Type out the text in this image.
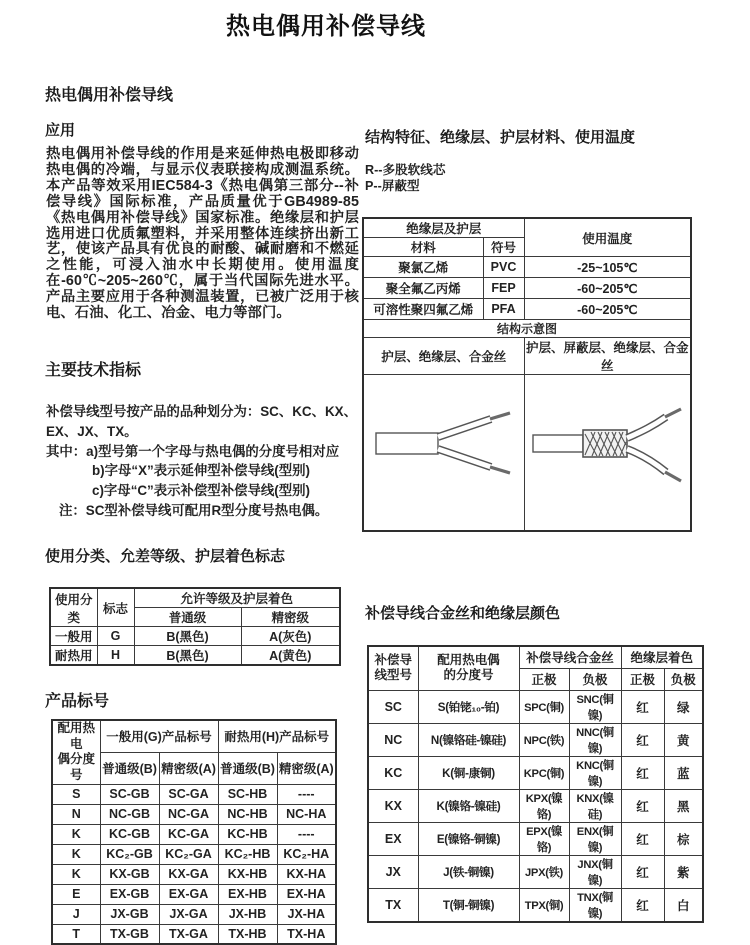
热电偶用补偿导线
热电偶用补偿导线
应用
热电偶用补偿导线的作用是来延伸热电极即移动热电偶的冷端，与显示仪表联接构成测温系统。本产品等效采用IEC584-3《热电偶第三部分--补偿导线》国际标准，产品质量优于GB4989-85《热电偶用补偿导线》国家标准。绝缘层和护层选用进口优质氟塑料，并采用整体连续挤出新工艺，使该产品具有优良的耐酸、碱耐磨和不燃延之性能，可浸入油水中长期使用。使用温度在-60℃~205~260℃，属于当代国际先进水平。产品主要应用于各种测温装置，已被广泛用于核电、石油、化工、冶金、电力等部门。
主要技术指标
补偿导线型号按产品的品种划分为：SC、KC、KX、EX、JX、TX。
其中：a)型号第一个字母与热电偶的分度号相对应
b)字母“X”表示延伸型补偿导线(型别)
c)字母“C”表示补偿型补偿导线(型别)
注：SC型补偿导线可配用R型分度号热电偶。
使用分类、允差等级、护层着色标志
使用分类	标志	允许等级及护层着色	
		普通级	精密级
一般用	G	B(黑色)	A(灰色)
耐热用	H	B(黑色)	A(黄色)
产品标号
配用热电
偶分度号	一般用(G)产品标号		耐热用(H)产品标号	
	普通级(B)	精密级(A)	普通级(B)	精密级(A)
S	SC-GB	SC-GA	SC-HB	----
N	NC-GB	NC-GA	NC-HB	NC-HA
K	KC-GB	KC-GA	KC-HB	----
K	KC₂-GB	KC₂-GA	KC₂-HB	KC₂-HA
K	KX-GB	KX-GA	KX-HB	KX-HA
E	EX-GB	EX-GA	EX-HB	EX-HA
J	JX-GB	JX-GA	JX-HB	JX-HA
T	TX-GB	TX-GA	TX-HB	TX-HA
结构特征、绝缘层、护层材料、使用温度
R--多股软线芯
P--屏蔽型
绝缘层及护层		使用温度
材料	符号	
聚氯乙烯	PVC	-25~105℃
聚全氟乙丙烯	FEP	-60~205℃
可溶性聚四氟乙烯	PFA	-60~205℃
结构示意图		
护层、绝缘层、合金丝		护层、屏蔽层、绝缘层、合金丝

补偿导线合金丝和绝缘层颜色
补偿导
线型号

配用热电偶
的分度号
	补偿导线合金丝	绝缘层着色
		正极	负极	正极	负极
SC	S(铂铑₁₀-铂)	SPC(铜)	SNC(铜镍)	红	绿
NC	N(镍铬硅-镍硅)	NPC(铁)	NNC(铜镍)	红	黄
KC	K(铜-康铜)	KPC(铜)	KNC(铜镍)	红	蓝
KX	K(镍铬-镍硅)	KPX(镍铬)	KNX(镍硅)	红	黑
EX	E(镍铬-铜镍)	EPX(镍铬)	ENX(铜镍)	红	棕
JX	J(铁-铜镍)	JPX(铁)	JNX(铜镍)	红	紫
TX	T(铜-铜镍)	TPX(铜)	TNX(铜镍)	红	白
